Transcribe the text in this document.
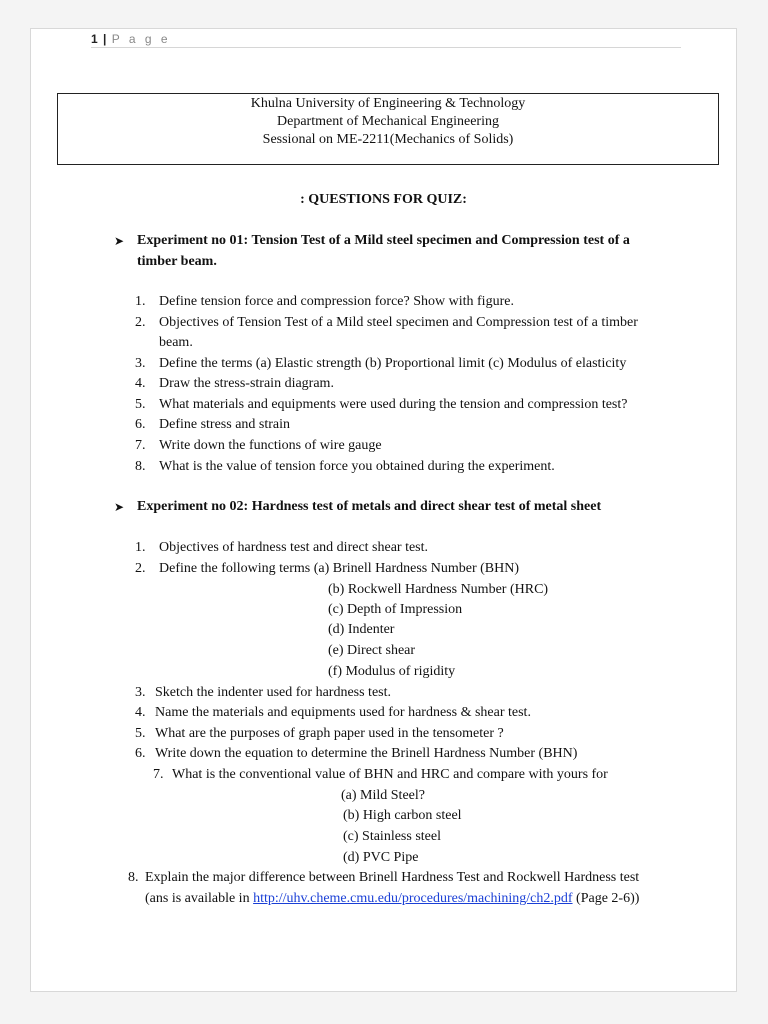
1 | P a g e
Khulna University of Engineering & Technology
Department of Mechanical Engineering
Sessional on ME-2211(Mechanics of Solids)
: QUESTIONS FOR QUIZ:
➤ Experiment no 01: Tension Test of a Mild steel specimen and Compression test of a
timber beam.
1. Define tension force and compression force? Show with figure.
2. Objectives of Tension Test of a Mild steel specimen and Compression test of a timber
beam.
3. Define the terms (a) Elastic strength (b) Proportional limit (c) Modulus of elasticity
4. Draw the stress-strain diagram.
5. What materials and equipments were used during the tension and compression test?
6. Define stress and strain
7. Write down the functions of wire gauge
8. What is the value of tension force you obtained during the experiment.
➤ Experiment no 02: Hardness test of metals and direct shear test of metal sheet
1. Objectives of hardness test and direct shear test.
2. Define the following terms (a) Brinell Hardness Number (BHN)
(b) Rockwell Hardness Number (HRC)
(c) Depth of Impression
(d) Indenter
(e) Direct shear
(f) Modulus of rigidity
3. Sketch the indenter used for hardness test.
4. Name the materials and equipments used for hardness & shear test.
5. What are the purposes of graph paper used in the tensometer ?
6. Write down the equation to determine the Brinell Hardness Number (BHN)
7. What is the conventional value of BHN and HRC and compare with yours for
(a) Mild Steel?
(b) High carbon steel
(c) Stainless steel
(d) PVC Pipe
8. Explain the major difference between Brinell Hardness Test and Rockwell Hardness test
(ans is available in http://uhv.cheme.cmu.edu/procedures/machining/ch2.pdf (Page 2-6))
